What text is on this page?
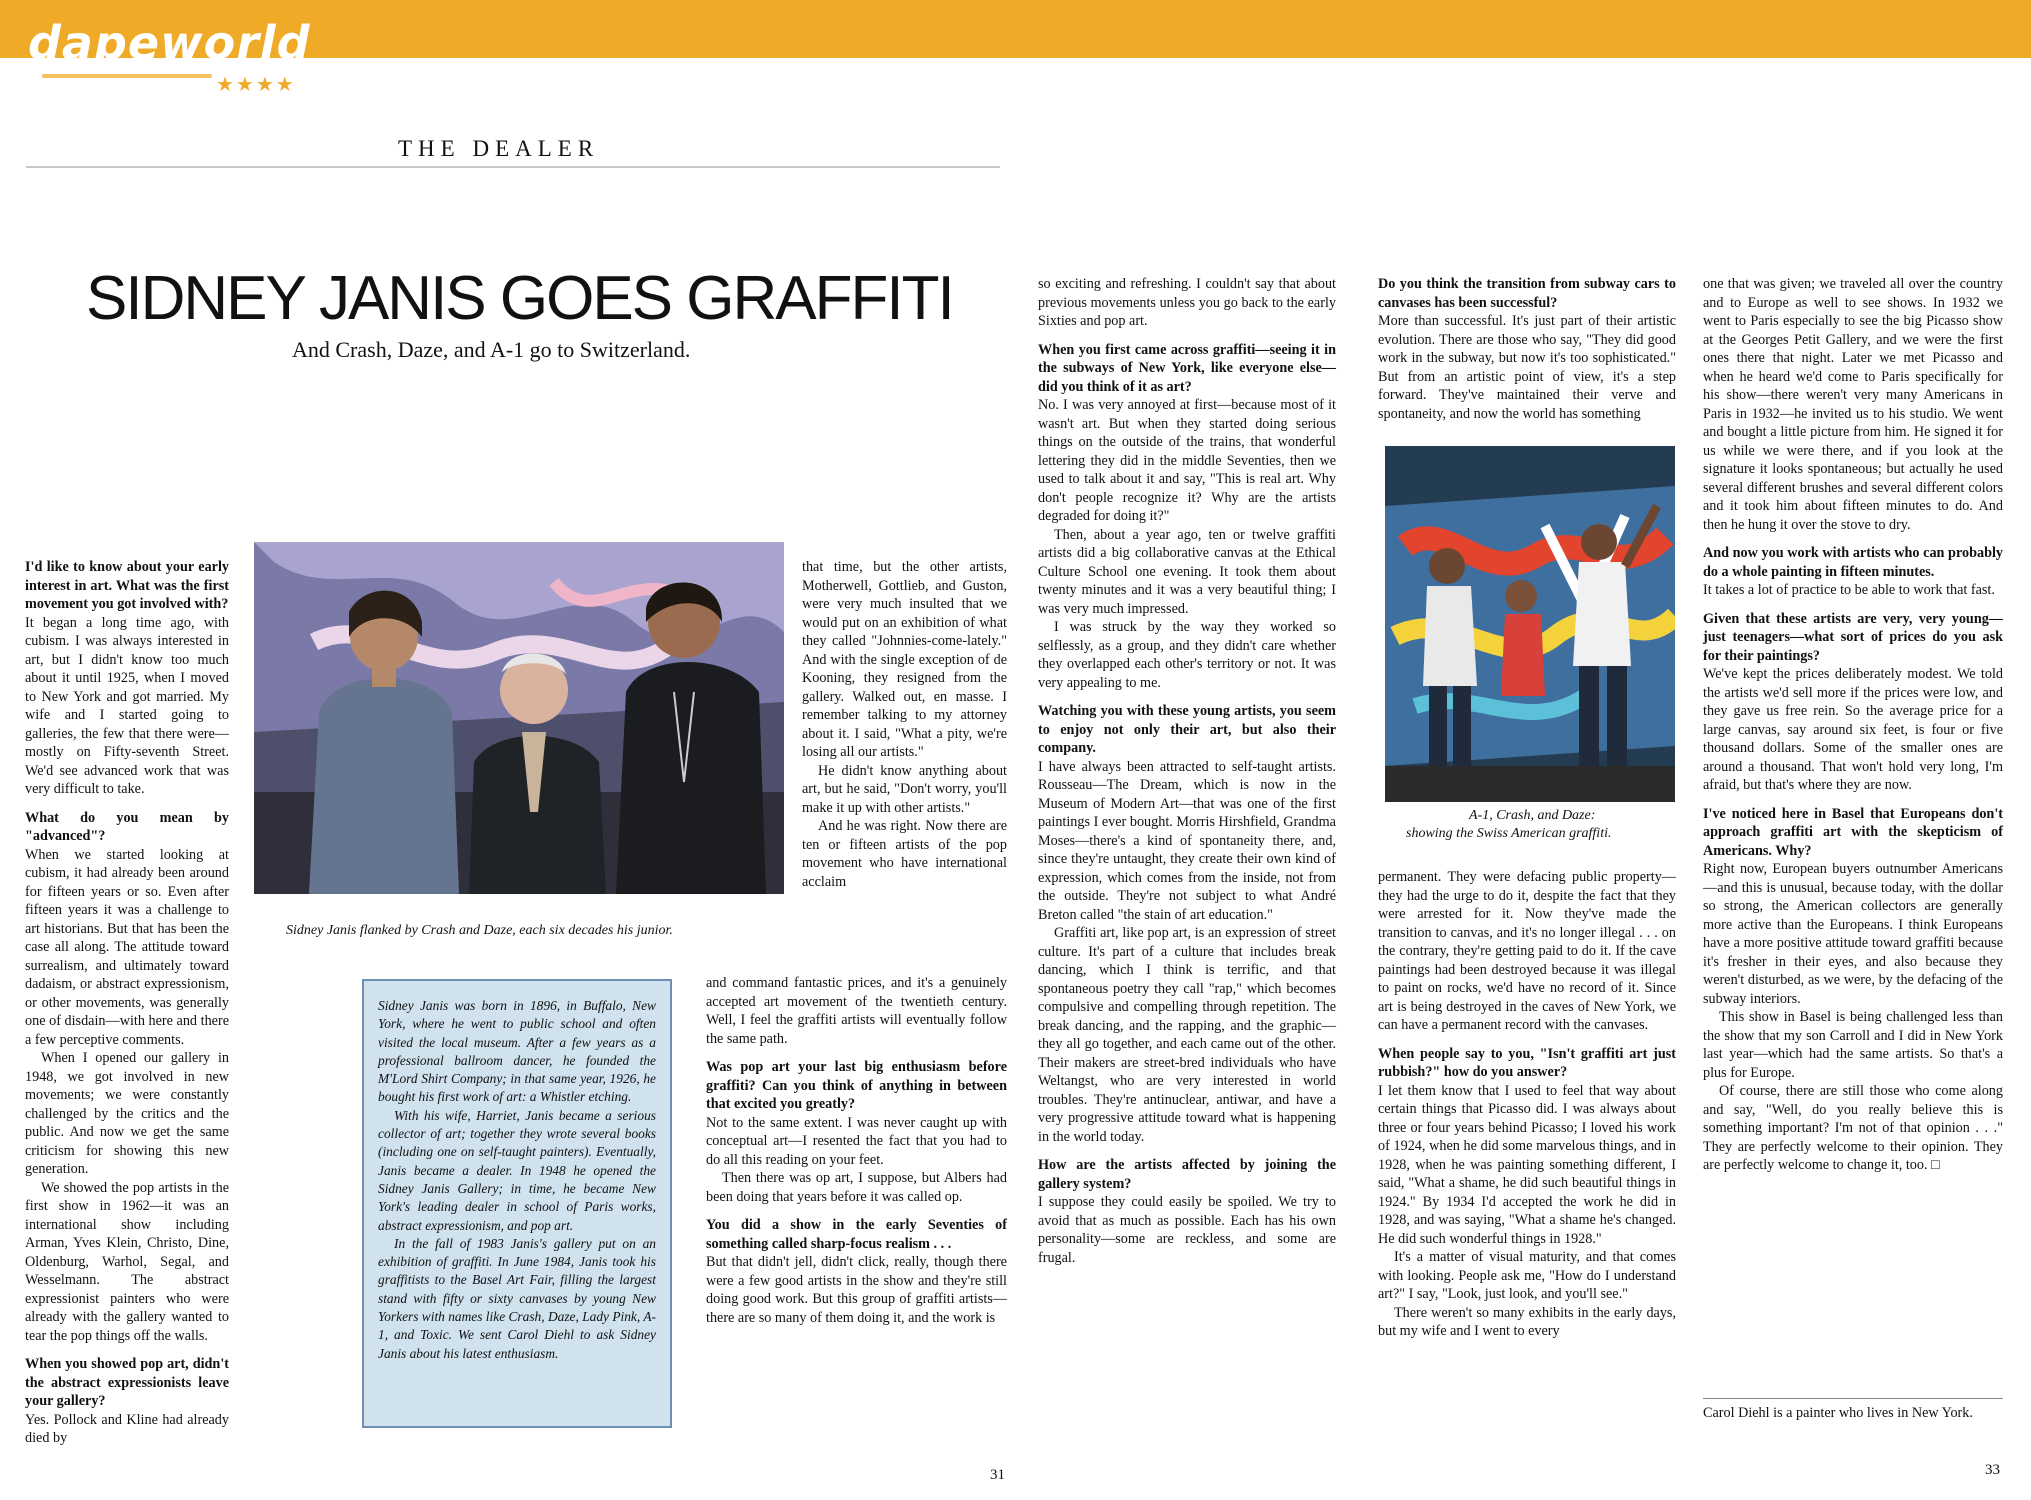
dapeworld
★★★★
THE DEALER
SIDNEY JANIS GOES GRAFFITI
And Crash, Daze, and A-1 go to Switzerland.
I'd like to know about your early interest in art. What was the first movement you got involved with?
It began a long time ago, with cubism. I was always interested in art, but I didn't know too much about it until 1925, when I moved to New York and got married. My wife and I started going to galleries, the few that there were—mostly on Fifty-seventh Street. We'd see advanced work that was very difficult to take.
What do you mean by "advanced"?
When we started looking at cubism, it had already been around for fifteen years or so. Even after fifteen years it was a challenge to art historians. But that has been the case all along. The attitude toward surrealism, and ultimately toward dadaism, or abstract expressionism, or other movements, was generally one of disdain—with here and there a few perceptive comments.
When I opened our gallery in 1948, we got involved in new movements; we were constantly challenged by the critics and the public. And now we get the same criticism for showing this new generation.
We showed the pop artists in the first show in 1962—it was an international show including Arman, Yves Klein, Christo, Dine, Oldenburg, Warhol, Segal, and Wesselmann. The abstract expressionist painters who were already with the gallery wanted to tear the pop things off the walls.
When you showed pop art, didn't the abstract expressionists leave your gallery?
Yes. Pollock and Kline had already died by
Sidney Janis flanked by Crash and Daze, each six decades his junior.
that time, but the other artists, Motherwell, Gottlieb, and Guston, were very much insulted that we would put on an exhibition of what they called "Johnnies-come-lately." And with the single exception of de Kooning, they resigned from the gallery. Walked out, en masse. I remember talking to my attorney about it. I said, "What a pity, we're losing all our artists."
He didn't know anything about art, but he said, "Don't worry, you'll make it up with other artists."
And he was right. Now there are ten or fifteen artists of the pop movement who have international acclaim
and command fantastic prices, and it's a genuinely accepted art movement of the twentieth century. Well, I feel the graffiti artists will eventually follow the same path.
Was pop art your last big enthusiasm before graffiti? Can you think of anything in between that excited you greatly?
Not to the same extent. I was never caught up with conceptual art—I resented the fact that you had to do all this reading on your feet.
Then there was op art, I suppose, but Albers had been doing that years before it was called op.
You did a show in the early Seventies of something called sharp-focus realism . . .
But that didn't jell, didn't click, really, though there were a few good artists in the show and they're still doing good work. But this group of graffiti artists—there are so many of them doing it, and the work is

Sidney Janis was born in 1896, in Buffalo, New York, where he went to public school and often visited the local museum. After a few years as a professional ballroom dancer, he founded the M'Lord Shirt Company; in that same year, 1926, he bought his first work of art: a Whistler etching.

With his wife, Harriet, Janis became a serious collector of art; together they wrote several books (including one on self-taught painters). Eventually, Janis became a dealer. In 1948 he opened the Sidney Janis Gallery; in time, he became New York's leading dealer in school of Paris works, abstract expressionism, and pop art.

In the fall of 1983 Janis's gallery put on an exhibition of graffiti. In June 1984, Janis took his graffitists to the Basel Art Fair, filling the largest stand with fifty or sixty canvases by young New Yorkers with names like Crash, Daze, Lady Pink, A-1, and Toxic. We sent Carol Diehl to ask Sidney Janis about his latest enthusiasm.

so exciting and refreshing. I couldn't say that about previous movements unless you go back to the early Sixties and pop art.
When you first came across graffiti—seeing it in the subways of New York, like everyone else—did you think of it as art?
No. I was very annoyed at first—because most of it wasn't art. But when they started doing serious things on the outside of the trains, that wonderful lettering they did in the middle Seventies, then we used to talk about it and say, "This is real art. Why don't people recognize it? Why are the artists degraded for doing it?"
Then, about a year ago, ten or twelve graffiti artists did a big collaborative canvas at the Ethical Culture School one evening. It took them about twenty minutes and it was a very beautiful thing; I was very much impressed.
I was struck by the way they worked so selflessly, as a group, and they didn't care whether they overlapped each other's territory or not. It was very appealing to me.
Watching you with these young artists, you seem to enjoy not only their art, but also their company.
I have always been attracted to self-taught artists. Rousseau—The Dream, which is now in the Museum of Modern Art—that was one of the first paintings I ever bought. Morris Hirshfield, Grandma Moses—there's a kind of spontaneity there, and, since they're untaught, they create their own kind of expression, which comes from the inside, not from the outside. They're not subject to what André Breton called "the stain of art education."
Graffiti art, like pop art, is an expression of street culture. It's part of a culture that includes break dancing, which I think is terrific, and that spontaneous poetry they call "rap," which becomes compulsive and compelling through repetition. The break dancing, and the rapping, and the graphic—they all go together, and each came out of the other. Their makers are street-bred individuals who have Weltangst, who are very interested in world troubles. They're antinuclear, antiwar, and have a very progressive attitude toward what is happening in the world today.
How are the artists affected by joining the gallery system?
I suppose they could easily be spoiled. We try to avoid that as much as possible. Each has his own personality—some are reckless, and some are frugal.
Do you think the transition from subway cars to canvases has been successful?
More than successful. It's just part of their artistic evolution. There are those who say, "They did good work in the subway, but now it's too sophisticated." But from an artistic point of view, it's a step forward. They've maintained their verve and spontaneity, and now the world has something
A-1, Crash, and Daze:
showing the Swiss American graffiti.
permanent. They were defacing public property—they had the urge to do it, despite the fact that they were arrested for it. Now they've made the transition to canvas, and it's no longer illegal . . . on the contrary, they're getting paid to do it. If the cave paintings had been destroyed because it was illegal to paint on rocks, we'd have no record of it. Since art is being destroyed in the caves of New York, we can have a permanent record with the canvases.
When people say to you, "Isn't graffiti art just rubbish?" how do you answer?
I let them know that I used to feel that way about certain things that Picasso did. I was always about three or four years behind Picasso; I loved his work of 1924, when he did some marvelous things, and in 1928, when he was painting something different, I said, "What a shame, he did such beautiful things in 1924." By 1934 I'd accepted the work he did in 1928, and was saying, "What a shame he's changed. He did such wonderful things in 1928."
It's a matter of visual maturity, and that comes with looking. People ask me, "How do I understand art?" I say, "Look, just look, and you'll see."
There weren't so many exhibits in the early days, but my wife and I went to every
one that was given; we traveled all over the country and to Europe as well to see shows. In 1932 we went to Paris especially to see the big Picasso show at the Georges Petit Gallery, and we were the first ones there that night. Later we met Picasso and when he heard we'd come to Paris specifically for his show—there weren't very many Americans in Paris in 1932—he invited us to his studio. We went and bought a little picture from him. He signed it for us while we were there, and if you look at the signature it looks spontaneous; but actually he used several different brushes and several different colors and it took him about fifteen minutes to do. And then he hung it over the stove to dry.
And now you work with artists who can probably do a whole painting in fifteen minutes.
It takes a lot of practice to be able to work that fast.
Given that these artists are very, very young—just teenagers—what sort of prices do you ask for their paintings?
We've kept the prices deliberately modest. We told the artists we'd sell more if the prices were low, and they gave us free rein. So the average price for a large canvas, say around six feet, is four or five thousand dollars. Some of the smaller ones are around a thousand. That won't hold very long, I'm afraid, but that's where they are now.
I've noticed here in Basel that Europeans don't approach graffiti art with the skepticism of Americans. Why?
Right now, European buyers outnumber Americans—and this is unusual, because today, with the dollar so strong, the American collectors are generally more active than the Europeans. I think Europeans have a more positive attitude toward graffiti because it's fresher in their eyes, and also because they weren't disturbed, as we were, by the defacing of the subway interiors.
This show in Basel is being challenged less than the show that my son Carroll and I did in New York last year—which had the same artists. So that's a plus for Europe.
Of course, there are still those who come along and say, "Well, do you really believe this is something important? I'm not of that opinion . . ." They are perfectly welcome to their opinion. They are perfectly welcome to change it, too. □
Carol Diehl is a painter who lives in New York.
31	33
